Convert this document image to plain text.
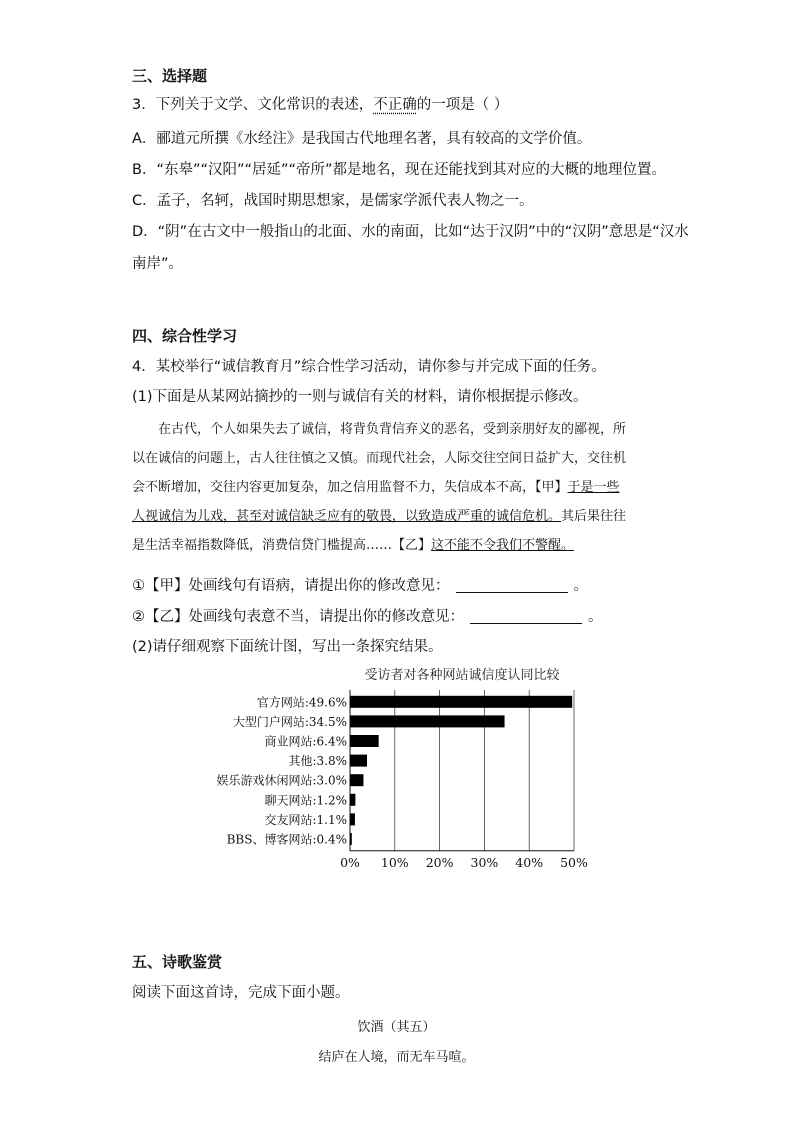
三、选择题
3．下列关于文学、文化常识的表述，不正确的一项是（ ）
A．郦道元所撰《水经注》是我国古代地理名著，具有较高的文学价值。
B．“东皋”“汉阳”“居延”“帝所”都是地名，现在还能找到其对应的大概的地理位置。
C．孟子，名轲，战国时期思想家，是儒家学派代表人物之一。
D．“阴”在古文中一般指山的北面、水的南面，比如“达于汉阴”中的“汉阴”意思是“汉水
南岸”。
四、综合性学习
4．某校举行“诚信教育月”综合性学习活动，请你参与并完成下面的任务。
(1)下面是从某网站摘抄的一则与诚信有关的材料，请你根据提示修改。
在古代，个人如果失去了诚信，将背负背信弃义的恶名，受到亲朋好友的鄙视，所
以在诚信的问题上，古人往往慎之又慎。而现代社会，人际交往空间日益扩大，交往机
会不断增加，交往内容更加复杂，加之信用监督不力，失信成本不高，【甲】于是一些
人视诚信为儿戏，甚至对诚信缺乏应有的敬畏，以致造成严重的诚信危机。其后果往往
是生活幸福指数降低，消费信贷门槛提高……【乙】这不能不令我们不警醒。
①【甲】处画线句有语病，请提出你的修改意见：	。
②【乙】处画线句表意不当，请提出你的修改意见：	。
(2)请仔细观察下面统计图，写出一条探究结果。
受访者对各种网站诚信度认同比较
0% 10% 20% 30% 40% 50%
官方网站:49.6%
大型门户网站:34.5%
商业网站:6.4%
其他:3.8%
娱乐游戏休闲网站:3.0%
聊天网站:1.2%
交友网站:1.1%
BBS、博客网站:0.4%
五、诗歌鉴赏
阅读下面这首诗，完成下面小题。
饮酒（其五）
结庐在人境，而无车马喧。
